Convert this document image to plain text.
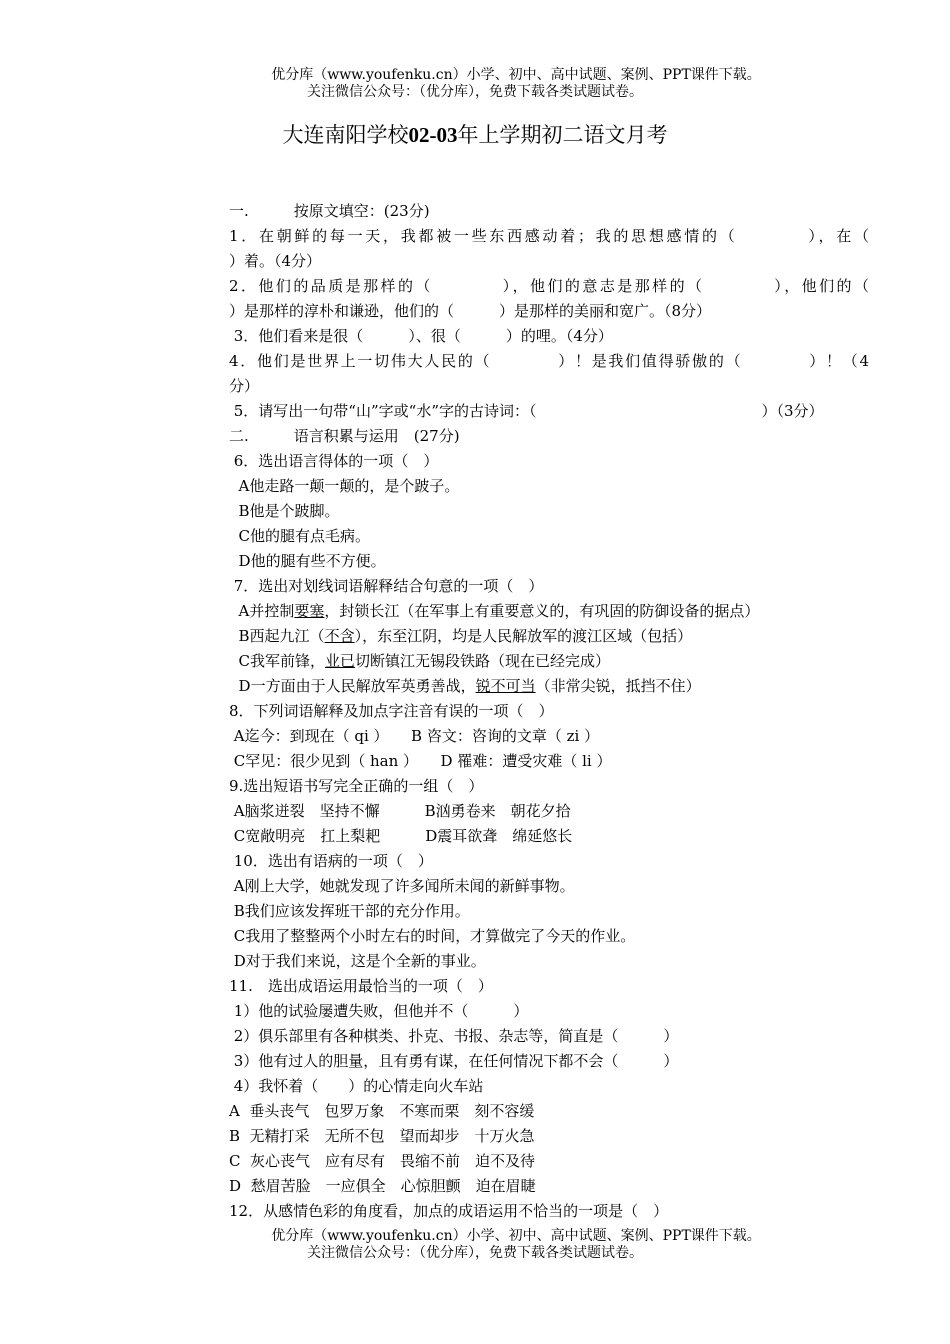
优分库（www.youfenku.cn）小学、初中、高中试题、案例、PPT课件下载。
关注微信公众号：（优分库），免费下载各类试题试卷。
大连南阳学校02-03年上学期初二语文月考
一.　　　按原文填空：(23分)
1．在朝鲜的每一天，我都被一些东西感动着；我的思想感情的（　　　　），在（
）着。（4分）
2．他们的品质是那样的（　　　　），他们的意志是那样的（　　　　），他们的（
）是那样的淳朴和谦逊，他们的（　　　）是那样的美丽和宽广。（8分）
3．他们看来是很（　　　）、很（　　　）的哩。（4分）
4．他们是世界上一切伟大人民的（　　　　）！是我们值得骄傲的（　　　　）！（4
分）
5．请写出一句带“山”字或“水”字的古诗词：（　　　　　　　　　　　　　　　）（3分）
二.　　　语言积累与运用　(27分)
6．选出语言得体的一项（　）
A他走路一颠一颠的，是个跛子。
B他是个跛脚。
C他的腿有点毛病。
D他的腿有些不方便。
7．选出对划线词语解释结合句意的一项（　）
A并控制要塞，封锁长江（在军事上有重要意义的，有巩固的防御设备的据点）
B西起九江（不含），东至江阴，均是人民解放军的渡江区域（包括）
C我军前锋，业已切断镇江无锡段铁路（现在已经完成）
D一方面由于人民解放军英勇善战，锐不可当（非常尖锐，抵挡不住）
8．下列词语解释及加点字注音有误的一项（　）
A迄今：到现在（ qi ）　　B 咨文：咨询的文章（ zi ）
C罕见：很少见到（ han ）　　D 罹难：遭受灾难（ li ）
9.选出短语书写完全正确的一组（　）
A脑浆迸裂　坚持不懈　　　B汹勇卷来　朝花夕拾
C宽敞明亮　扛上梨耙　　　D震耳欲聋　绵延悠长
10．选出有语病的一项（　）
A刚上大学，她就发现了许多闻所未闻的新鲜事物。
B我们应该发挥班干部的充分作用。
C我用了整整两个小时左右的时间，才算做完了今天的作业。
D对于我们来说，这是个全新的事业。
11.　选出成语运用最恰当的一项（　）
1）他的试验屡遭失败，但他并不（　　　）
2）俱乐部里有各种棋类、扑克、书报、杂志等，简直是（　　　）
3）他有过人的胆量，且有勇有谋，在任何情况下都不会（　　　）
4）我怀着（　　）的心情走向火车站
A  垂头丧气　包罗万象　不寒而栗　刻不容缓
B  无精打采　无所不包　望而却步　十万火急
C  灰心丧气　应有尽有　畏缩不前　迫不及待
D  愁眉苦脸　一应俱全　心惊胆颤　迫在眉睫
12．从感情色彩的角度看，加点的成语运用不恰当的一项是（　）
优分库（www.youfenku.cn）小学、初中、高中试题、案例、PPT课件下载。
关注微信公众号：（优分库），免费下载各类试题试卷。
